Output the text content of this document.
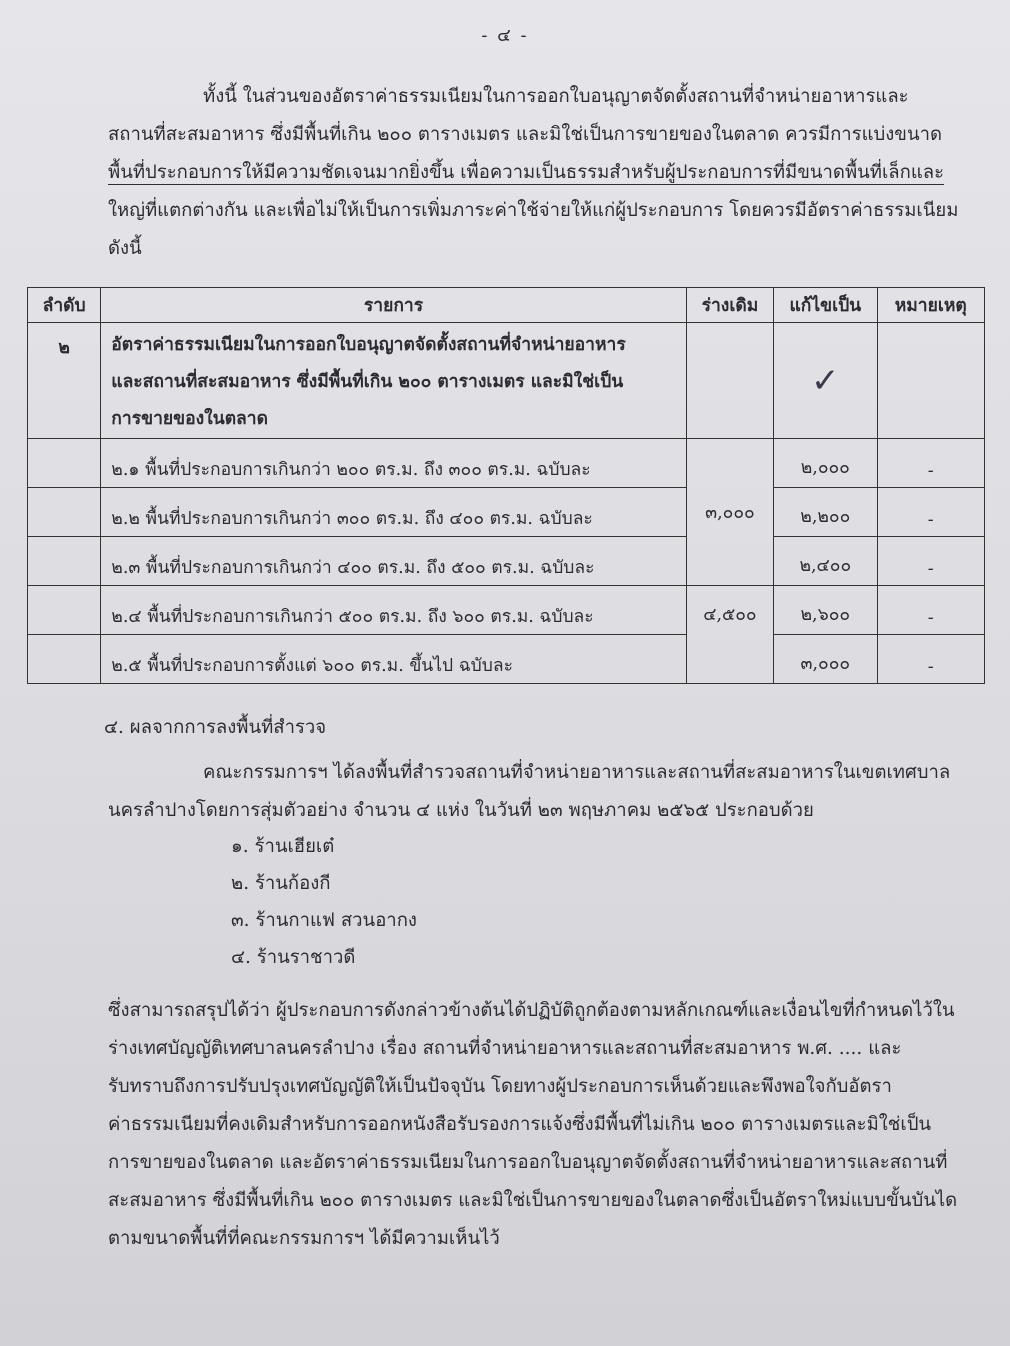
- ๔ -
ทั้งนี้ ในส่วนของอัตราค่าธรรมเนียมในการออกใบอนุญาตจัดตั้งสถานที่จำหน่ายอาหารและ
สถานที่สะสมอาหาร ซึ่งมีพื้นที่เกิน ๒๐๐ ตารางเมตร และมิใช่เป็นการขายของในตลาด ควรมีการแบ่งขนาด
พื้นที่ประกอบการให้มีความชัดเจนมากยิ่งขึ้น เพื่อความเป็นธรรมสำหรับผู้ประกอบการที่มีขนาดพื้นที่เล็กและ
ใหญ่ที่แตกต่างกัน และเพื่อไม่ให้เป็นการเพิ่มภาระค่าใช้จ่ายให้แก่ผู้ประกอบการ โดยควรมีอัตราค่าธรรมเนียม
ดังนี้
ลำดับ	รายการ	ร่างเดิม	แก้ไขเป็น	หมายเหตุ
๒	อัตราค่าธรรมเนียมในการออกใบอนุญาตจัดตั้งสถานที่จำหน่ายอาหาร
และสถานที่สะสมอาหาร ซึ่งมีพื้นที่เกิน ๒๐๐ ตารางเมตร และมิใช่เป็น
การขายของในตลาด		✓	
	๒.๑ พื้นที่ประกอบการเกินกว่า ๒๐๐ ตร.ม. ถึง ๓๐๐ ตร.ม. ฉบับละ	๓,๐๐๐	๒,๐๐๐	-
	๒.๒ พื้นที่ประกอบการเกินกว่า ๓๐๐ ตร.ม. ถึง ๔๐๐ ตร.ม. ฉบับละ		๒,๒๐๐	-
	๒.๓ พื้นที่ประกอบการเกินกว่า ๔๐๐ ตร.ม. ถึง ๕๐๐ ตร.ม. ฉบับละ		๒,๔๐๐	-
	๒.๔ พื้นที่ประกอบการเกินกว่า ๕๐๐ ตร.ม. ถึง ๖๐๐ ตร.ม. ฉบับละ	๔,๕๐๐	๒,๖๐๐	-
	๒.๕ พื้นที่ประกอบการตั้งแต่ ๖๐๐ ตร.ม. ขึ้นไป ฉบับละ		๓,๐๐๐	-
๔. ผลจากการลงพื้นที่สำรวจ
คณะกรรมการฯ ได้ลงพื้นที่สำรวจสถานที่จำหน่ายอาหารและสถานที่สะสมอาหารในเขตเทศบาล
นครลำปางโดยการสุ่มตัวอย่าง จำนวน ๔ แห่ง ในวันที่ ๒๓ พฤษภาคม ๒๕๖๕ ประกอบด้วย
๑. ร้านเฮียเต๋
๒. ร้านก้องกี
๓. ร้านกาแฟ สวนอากง
๔. ร้านราชาวดี
ซึ่งสามารถสรุปได้ว่า ผู้ประกอบการดังกล่าวข้างต้นได้ปฏิบัติถูกต้องตามหลักเกณฑ์และเงื่อนไขที่กำหนดไว้ใน
ร่างเทศบัญญัติเทศบาลนครลำปาง เรื่อง สถานที่จำหน่ายอาหารและสถานที่สะสมอาหาร พ.ศ. .... และ
รับทราบถึงการปรับปรุงเทศบัญญัติให้เป็นปัจจุบัน โดยทางผู้ประกอบการเห็นด้วยและพึงพอใจกับอัตรา
ค่าธรรมเนียมที่คงเดิมสำหรับการออกหนังสือรับรองการแจ้งซึ่งมีพื้นที่ไม่เกิน ๒๐๐ ตารางเมตรและมิใช่เป็น
การขายของในตลาด และอัตราค่าธรรมเนียมในการออกใบอนุญาตจัดตั้งสถานที่จำหน่ายอาหารและสถานที่
สะสมอาหาร ซึ่งมีพื้นที่เกิน ๒๐๐ ตารางเมตร และมิใช่เป็นการขายของในตลาดซึ่งเป็นอัตราใหม่แบบขั้นบันได
ตามขนาดพื้นที่ที่คณะกรรมการฯ ได้มีความเห็นไว้
